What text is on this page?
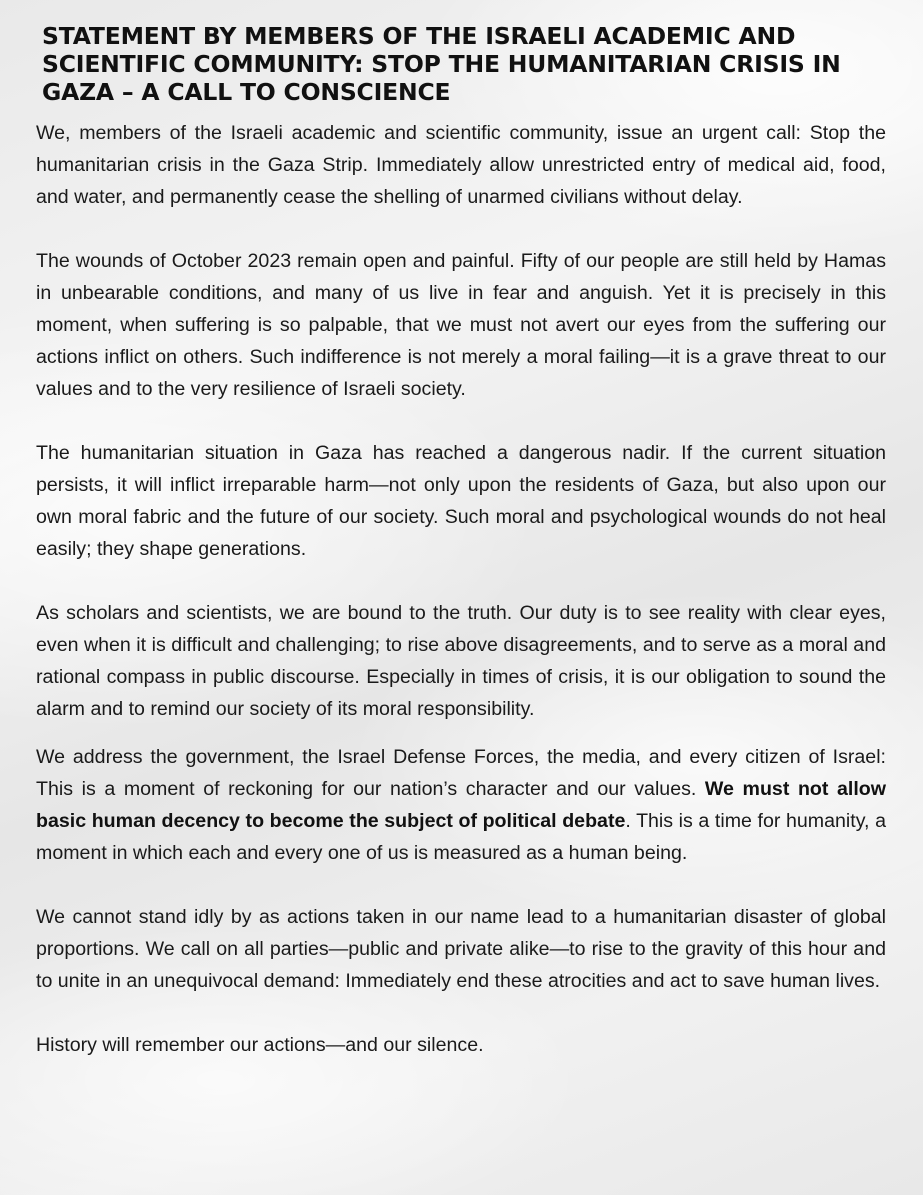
STATEMENT BY MEMBERS OF THE ISRAELI ACADEMIC AND SCIENTIFIC COMMUNITY: STOP THE HUMANITARIAN CRISIS IN GAZA – A CALL TO CONSCIENCE

We, members of the Israeli academic and scientific community, issue an urgent call: Stop the humanitarian crisis in the Gaza Strip. Immediately allow unrestricted entry of medical aid, food, and water, and permanently cease the shelling of unarmed civilians without delay.

The wounds of October 2023 remain open and painful. Fifty of our people are still held by Hamas in unbearable conditions, and many of us live in fear and anguish. Yet it is precisely in this moment, when suffering is so palpable, that we must not avert our eyes from the suffering our actions inflict on others. Such indifference is not merely a moral failing—it is a grave threat to our values and to the very resilience of Israeli society.

The humanitarian situation in Gaza has reached a dangerous nadir. If the current situation persists, it will inflict irreparable harm—not only upon the residents of Gaza, but also upon our own moral fabric and the future of our society. Such moral and psychological wounds do not heal easily; they shape generations.

As scholars and scientists, we are bound to the truth. Our duty is to see reality with clear eyes, even when it is difficult and challenging; to rise above disagreements, and to serve as a moral and rational compass in public discourse. Especially in times of crisis, it is our obligation to sound the alarm and to remind our society of its moral responsibility.

We address the government, the Israel Defense Forces, the media, and every citizen of Israel: This is a moment of reckoning for our nation’s character and our values. We must not allow basic human decency to become the subject of political debate. This is a time for humanity, a moment in which each and every one of us is measured as a human being.

We cannot stand idly by as actions taken in our name lead to a humanitarian disaster of global proportions. We call on all parties—public and private alike—to rise to the gravity of this hour and to unite in an unequivocal demand: Immediately end these atrocities and act to save human lives.

History will remember our actions—and our silence.
